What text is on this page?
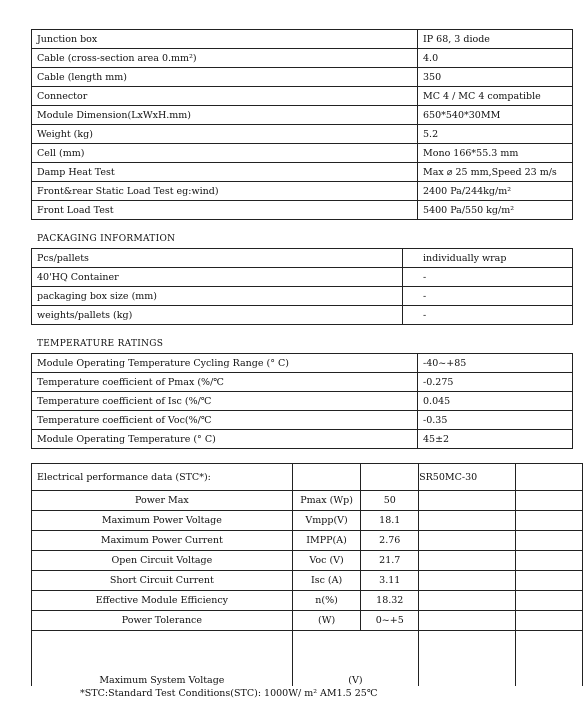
Junction box	IP 68, 3 diode
Cable (cross-section area 0.mm²)	4.0
Cable (length mm)	350
Connector	MC 4 / MC 4 compatible
Module Dimension(LxWxH.mm)	650*540*30MM
Weight (kg)	5.2
Cell (mm)	Mono 166*55.3 mm
Damp Heat Test	Max ⌀ 25 mm,Speed 23 m/s
Front&rear Static Load Test eg:wind)	2400 Pa/244kg/m²
Front Load Test	5400 Pa/550 kg/m²
PACKAGING INFORMATION
Pcs/pallets	individually wrap
40'HQ Container	-
packaging box size (mm)	-
weights/pallets (kg)	-
TEMPERATURE RATINGS
Module Operating Temperature Cycling Range (° C)	-40~+85
Temperature coefficient of Pmax (%/℃	-0.275
Temperature coefficient of Isc (%/℃	0.045
Temperature coefficient of Voc(%/℃	-0.35
Module Operating Temperature (° C)	45±2
Electrical performance data (STC*):			SR50MC-30	
Power Max	Pmax (Wp)	50		
Maximum Power Voltage	Vmpp(V)	18.1		
Maximum Power Current	IMPP(A)	2.76		
Open Circuit Voltage	Voc (V)	21.7		
Short Circuit Current	Isc (A)	3.11		
Effective Module Efficiency	n(%)	18.32		
Power Tolerance	(W)	0~+5		
Maximum System Voltage	(V)			
*STC:Standard Test Conditions(STC): 1000W/ m² AM1.5 25℃
